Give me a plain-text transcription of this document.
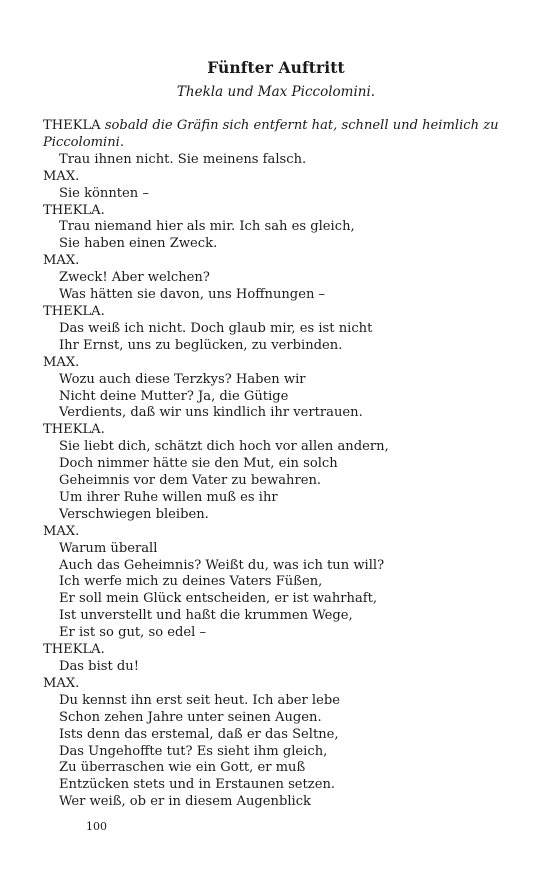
Fünfter Auftritt
Thekla und Max Piccolomini.
THEKLA sobald die Gräfin sich entfernt hat, schnell und heimlich zu
Piccolomini.
Trau ihnen nicht. Sie meinens falsch.
MAX.
Sie könnten –
THEKLA.
Trau niemand hier als mir. Ich sah es gleich,
Sie haben einen Zweck.
MAX.
Zweck! Aber welchen?
Was hätten sie davon, uns Hoffnungen –
THEKLA.
Das weiß ich nicht. Doch glaub mir, es ist nicht
Ihr Ernst, uns zu beglücken, zu verbinden.
MAX.
Wozu auch diese Terzkys? Haben wir
Nicht deine Mutter? Ja, die Gütige
Verdients, daß wir uns kindlich ihr vertrauen.
THEKLA.
Sie liebt dich, schätzt dich hoch vor allen andern,
Doch nimmer hätte sie den Mut, ein solch
Geheimnis vor dem Vater zu bewahren.
Um ihrer Ruhe willen muß es ihr
Verschwiegen bleiben.
MAX.
Warum überall
Auch das Geheimnis? Weißt du, was ich tun will?
Ich werfe mich zu deines Vaters Füßen,
Er soll mein Glück entscheiden, er ist wahrhaft,
Ist unverstellt und haßt die krummen Wege,
Er ist so gut, so edel –
THEKLA.
Das bist du!
MAX.
Du kennst ihn erst seit heut. Ich aber lebe
Schon zehen Jahre unter seinen Augen.
Ists denn das erstemal, daß er das Seltne,
Das Ungehoffte tut? Es sieht ihm gleich,
Zu überraschen wie ein Gott, er muß
Entzücken stets und in Erstaunen setzen.
Wer weiß, ob er in diesem Augenblick
100
